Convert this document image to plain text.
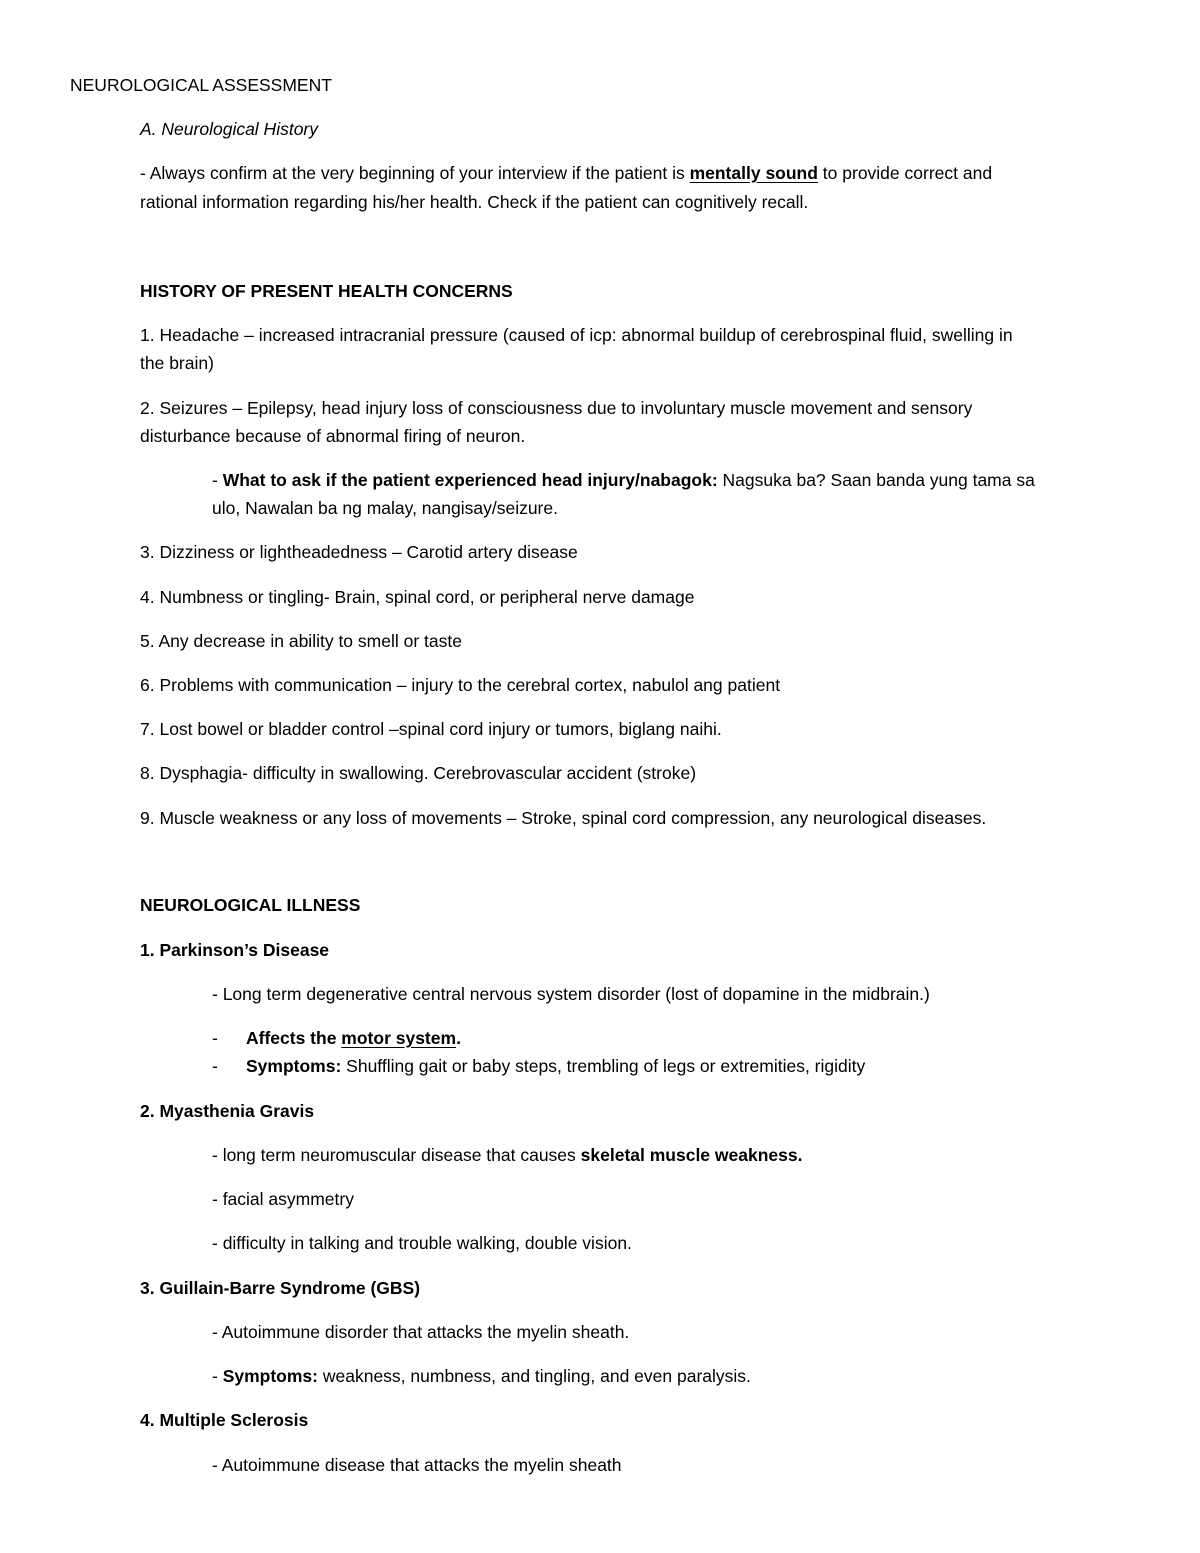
NEUROLOGICAL ASSESSMENT
A. Neurological History
- Always confirm at the very beginning of your interview if the patient is mentally sound to provide correct and
rational information regarding his/her health. Check if the patient can cognitively recall.
HISTORY OF PRESENT HEALTH CONCERNS
1. Headache – increased intracranial pressure (caused of icp: abnormal buildup of cerebrospinal fluid, swelling in
the brain)
2. Seizures – Epilepsy, head injury loss of consciousness due to involuntary muscle movement and sensory
disturbance because of abnormal firing of neuron.
- What to ask if the patient experienced head injury/nabagok: Nagsuka ba? Saan banda yung tama sa
ulo, Nawalan ba ng malay, nangisay/seizure.
3. Dizziness or lightheadedness – Carotid artery disease
4. Numbness or tingling- Brain, spinal cord, or peripheral nerve damage
5. Any decrease in ability to smell or taste
6. Problems with communication – injury to the cerebral cortex, nabulol ang patient
7. Lost bowel or bladder control –spinal cord injury or tumors, biglang naihi.
8. Dysphagia- difficulty in swallowing. Cerebrovascular accident (stroke)
9. Muscle weakness or any loss of movements – Stroke, spinal cord compression, any neurological diseases.
NEUROLOGICAL ILLNESS
1. Parkinson’s Disease
- Long term degenerative central nervous system disorder (lost of dopamine in the midbrain.)
- Affects the motor system.
- Symptoms: Shuffling gait or baby steps, trembling of legs or extremities, rigidity
2. Myasthenia Gravis
- long term neuromuscular disease that causes skeletal muscle weakness.
- facial asymmetry
- difficulty in talking and trouble walking, double vision.
3. Guillain-Barre Syndrome (GBS)
- Autoimmune disorder that attacks the myelin sheath.
- Symptoms: weakness, numbness, and tingling, and even paralysis.
4. Multiple Sclerosis
- Autoimmune disease that attacks the myelin sheath
